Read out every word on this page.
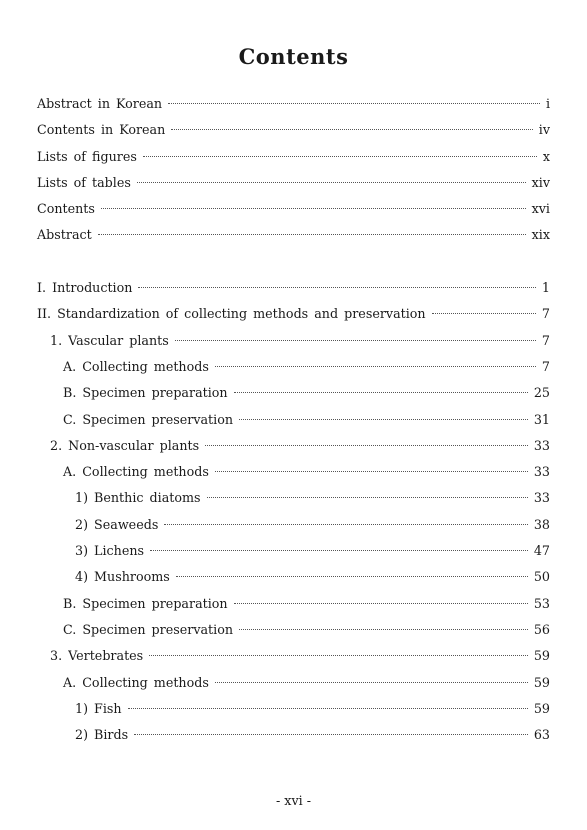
Contents
Abstract in Korean	i
Contents in Korean	iv
Lists of figures	x
Lists of tables	xiv
Contents	xvi
Abstract	xix
I. Introduction	1
II. Standardization of collecting methods and preservation	7
1. Vascular plants	7
A. Collecting methods	7
B. Specimen preparation	25
C. Specimen preservation	31
2. Non-vascular plants	33
A. Collecting methods	33
1) Benthic diatoms	33
2) Seaweeds	38
3) Lichens	47
4) Mushrooms	50
B. Specimen preparation	53
C. Specimen preservation	56
3. Vertebrates	59
A. Collecting methods	59
1) Fish	59
2) Birds	63
- xvi -
